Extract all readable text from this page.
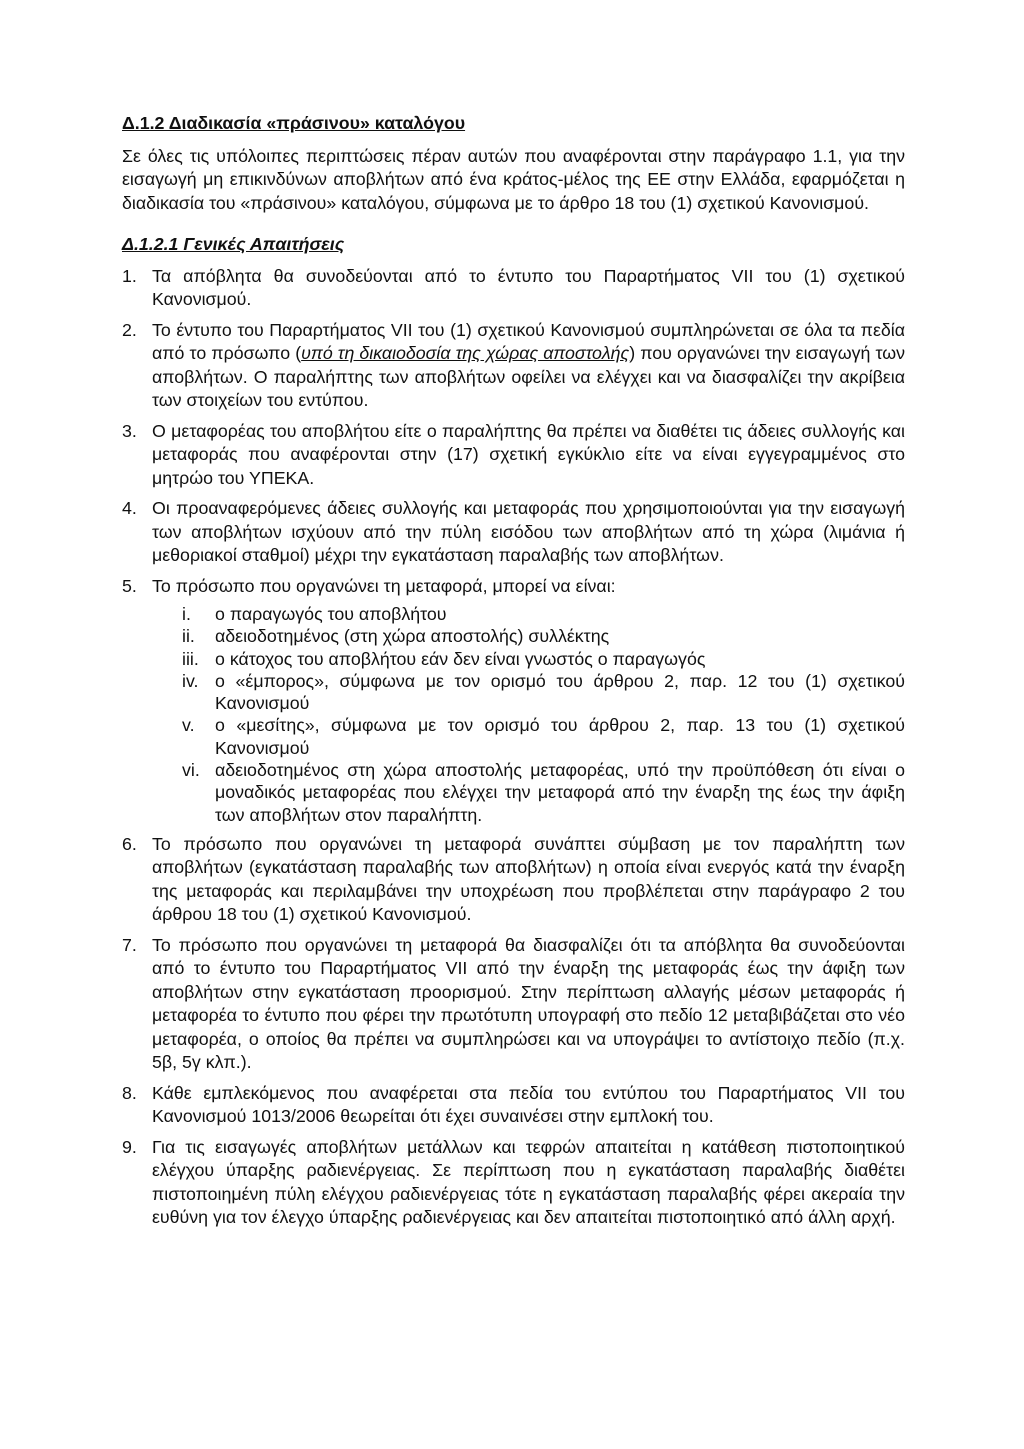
Δ.1.2 Διαδικασία «πράσινου» καταλόγου
Σε όλες τις υπόλοιπες περιπτώσεις πέραν αυτών που αναφέρονται στην παράγραφο 1.1, για την εισαγωγή μη επικινδύνων αποβλήτων από ένα κράτος-μέλος της ΕΕ στην Ελλάδα, εφαρμόζεται η διαδικασία του «πράσινου» καταλόγου, σύμφωνα με το άρθρο 18 του (1) σχετικού Κανονισμού.
Δ.1.2.1 Γενικές Απαιτήσεις
1. Τα απόβλητα θα συνοδεύονται από το έντυπο του Παραρτήματος VII του (1) σχετικού Κανονισμού.
2. Το έντυπο του Παραρτήματος VII του (1) σχετικού Κανονισμού συμπληρώνεται σε όλα τα πεδία από το πρόσωπο (υπό τη δικαιοδοσία της χώρας αποστολής) που οργανώνει την εισαγωγή των αποβλήτων. Ο παραλήπτης των αποβλήτων οφείλει να ελέγχει και να διασφαλίζει την ακρίβεια των στοιχείων του εντύπου.
3. Ο μεταφορέας του αποβλήτου είτε ο παραλήπτης θα πρέπει να διαθέτει τις άδειες συλλογής και μεταφοράς που αναφέρονται στην (17) σχετική εγκύκλιο είτε να είναι εγγεγραμμένος στο μητρώο του ΥΠΕΚΑ.
4. Οι προαναφερόμενες άδειες συλλογής και μεταφοράς που χρησιμοποιούνται για την εισαγωγή των αποβλήτων ισχύουν από την πύλη εισόδου των αποβλήτων από τη χώρα (λιμάνια ή μεθοριακοί σταθμοί) μέχρι την εγκατάσταση παραλαβής των αποβλήτων.
5. Το πρόσωπο που οργανώνει τη μεταφορά, μπορεί να είναι:
i. ο παραγωγός του αποβλήτου
ii. αδειοδοτημένος (στη χώρα αποστολής) συλλέκτης
iii. ο κάτοχος του αποβλήτου εάν δεν είναι γνωστός ο παραγωγός
iv. ο «έμπορος», σύμφωνα με τον ορισμό του άρθρου 2, παρ. 12 του (1) σχετικού Κανονισμού
v. ο «μεσίτης», σύμφωνα με τον ορισμό του άρθρου 2, παρ. 13 του (1) σχετικού Κανονισμού
vi. αδειοδοτημένος στη χώρα αποστολής μεταφορέας, υπό την προϋπόθεση ότι είναι ο μοναδικός μεταφορέας που ελέγχει την μεταφορά από την έναρξη της έως την άφιξη των αποβλήτων στον παραλήπτη.
6. Το πρόσωπο που οργανώνει τη μεταφορά συνάπτει σύμβαση με τον παραλήπτη των αποβλήτων (εγκατάσταση παραλαβής των αποβλήτων) η οποία είναι ενεργός κατά την έναρξη της μεταφοράς και περιλαμβάνει την υποχρέωση που προβλέπεται στην παράγραφο 2 του άρθρου 18 του (1) σχετικού Κανονισμού.
7. Το πρόσωπο που οργανώνει τη μεταφορά θα διασφαλίζει ότι τα απόβλητα θα συνοδεύονται από το έντυπο του Παραρτήματος VII από την έναρξη της μεταφοράς έως την άφιξη των αποβλήτων στην εγκατάσταση προορισμού. Στην περίπτωση αλλαγής μέσων μεταφοράς ή μεταφορέα το έντυπο που φέρει την πρωτότυπη υπογραφή στο πεδίο 12 μεταβιβάζεται στο νέο μεταφορέα, ο οποίος θα πρέπει να συμπληρώσει και να υπογράψει το αντίστοιχο πεδίο (π.χ. 5β, 5γ κλπ.).
8. Κάθε εμπλεκόμενος που αναφέρεται στα πεδία του εντύπου του Παραρτήματος VII του Κανονισμού 1013/2006 θεωρείται ότι έχει συναινέσει στην εμπλοκή του.
9. Για τις εισαγωγές αποβλήτων μετάλλων και τεφρών απαιτείται η κατάθεση πιστοποιητικού ελέγχου ύπαρξης ραδιενέργειας. Σε περίπτωση που η εγκατάσταση παραλαβής διαθέτει πιστοποιημένη πύλη ελέγχου ραδιενέργειας τότε η εγκατάσταση παραλαβής φέρει ακεραία την ευθύνη για τον έλεγχο ύπαρξης ραδιενέργειας και δεν απαιτείται πιστοποιητικό από άλλη αρχή.
